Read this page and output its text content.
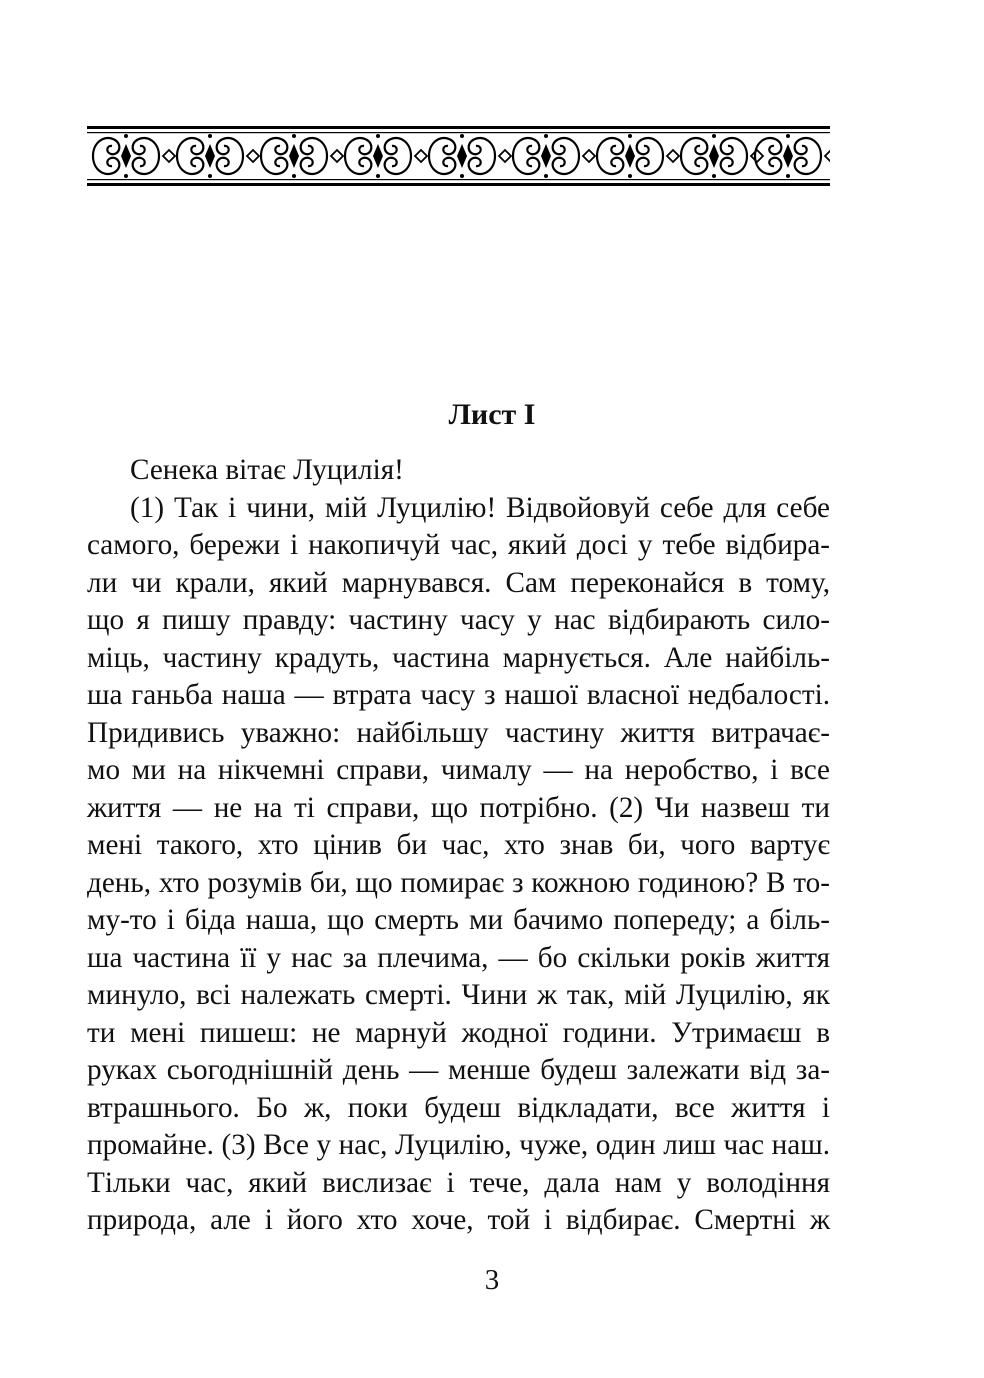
Лист І
Сенека вітає Луцилія!
(1) Так і чини, мій Луцилію! Відвойовуй себе для себе
самого, бережи і накопичуй час, який досі у тебе відбира-
ли чи крали, який марнувався. Сам переконайся в тому,
що я пишу правду: частину часу у нас відбирають сило-
міць, частину крадуть, частина марнується. Але найбіль-
ша ганьба наша — втрата часу з нашої власної недбалості.
Придивись уважно: найбільшу частину життя витрачає-
мо ми на нікчемні справи, чималу — на неробство, і все
життя — не на ті справи, що потрібно. (2) Чи назвеш ти
мені такого, хто цінив би час, хто знав би, чого вартує
день, хто розумів би, що помирає з кожною годиною? В то-
му-то і біда наша, що смерть ми бачимо попереду; а біль-
ша частина її у нас за плечима, — бо скільки років життя
минуло, всі належать смерті. Чини ж так, мій Луцилію, як
ти мені пишеш: не марнуй жодної години. Утримаєш в
руках сьогоднішній день — менше будеш залежати від за-
втрашнього. Бо ж, поки будеш відкладати, все життя і
промайне. (3) Все у нас, Луцилію, чуже, один лиш час наш.
Тільки час, який вислизає і тече, дала нам у володіння
природа, але і його хто хоче, той і відбирає. Смертні ж
3
